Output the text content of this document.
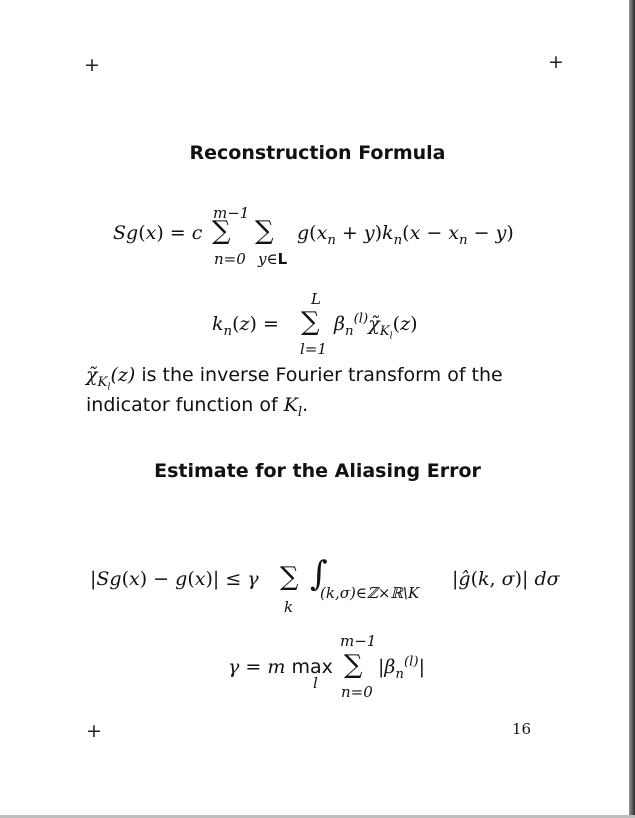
+	+
+
Reconstruction Formula
m−1
Sg(x) = c ∑ ∑ $g(x_n + y)k_n(x - x_n - y)$
n=0 y∈L
L
$k_n(z)$ = ∑ $\beta_n^{(l)}\chĩ_{K_l}(z)$
l=1
$\chĩ_{K_l}(z)$ is the inverse Fourier transform of the indicator function of $K_l$.
Estimate for the Aliasing Error
|Sg(x) − g(x)| ≤ γ ∑
k
∫
(k,σ)∈ℤ×ℝ\K
|ĝ(k, σ)| dσ
m−1
γ = m max
l
∑ $|\beta_n^{(l)}|$
n=0
16
